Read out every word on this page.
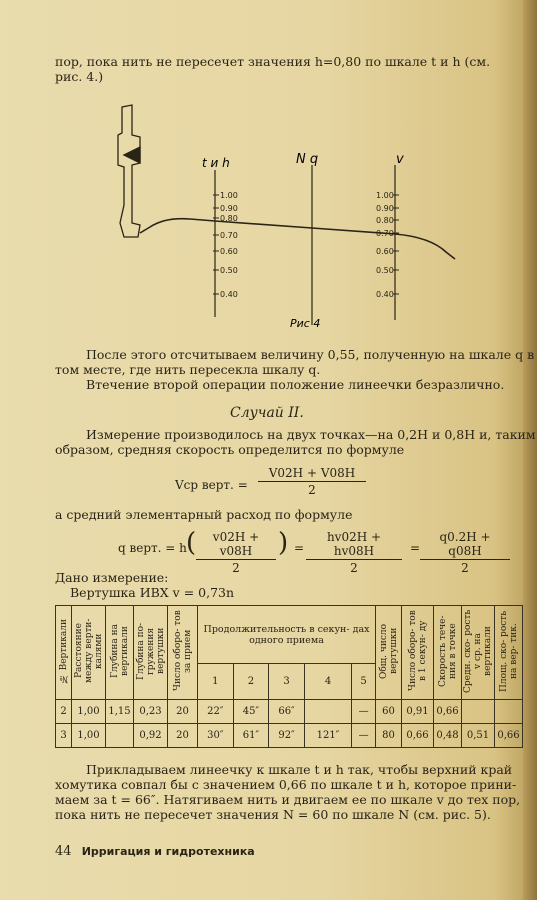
пор, пока нить не пересечет значения h=0,80 по шкале t и h (см.
рис. 4.)
t и h	N q	v
1.00
0.90
0.80
0.70
0.60
0.50
0.40
1.00
0.90
0.80
0.70
0.60
0.50
0.40
Рис 4
После этого отсчитываем величину 0,55, полученную на шкале q в
том месте, где нить пересекла шкалу q.
Втечение второй операции положение линеечки безразлично.
Случай II.
Измерение производилось на двух точках—на 0,2H и 0,8H и, таким
образом, средняя скорость определится по формуле
Vср верт. = $\frac{V02H + V08H}{2}$
а средний элементарный расход по формуле
q верт. = h ( $\frac{v02H + v08H}{2}$ ) = $\frac{hv02H + hv08H}{2} = \frac{q0.2H + q08H}{2}$
Дано измерение:
Вертушка ИВХ v = 0,73n
№ Вертикали	Расстояние между верти- калями	Глубина на вертикали	Глубина по- гружения вертушки	Число оборо- тов за прием	Продолжительность в секун- дах одного приема					Общ. число вертушки	Число оборо- тов в 1 секун- ду	Скорость тече- ния в точке	Средн. ско- рость v ср. на вертикали	Площ. ско- рость на вер- тик.
					1	2	3	4	5					
2	1,00	1,15	0,23	20	22″	45″	66″		—	60	0,91	0,66		
3	1,00		0,92	20	30″	61″	92″	121″	—	80	0,66	0,48	0,51	0,66
Прикладываем линеечку к шкале t и h так, чтобы верхний край
хомутика совпал бы с значением 0,66 по шкале t и h, которое прини-
маем за t = 66″. Натягиваем нить и двигаем ее по шкале v до тех пор,
пока нить не пересечет значения N = 60 по шкале N (см. рис. 5).
44 Ирригация и гидротехника
